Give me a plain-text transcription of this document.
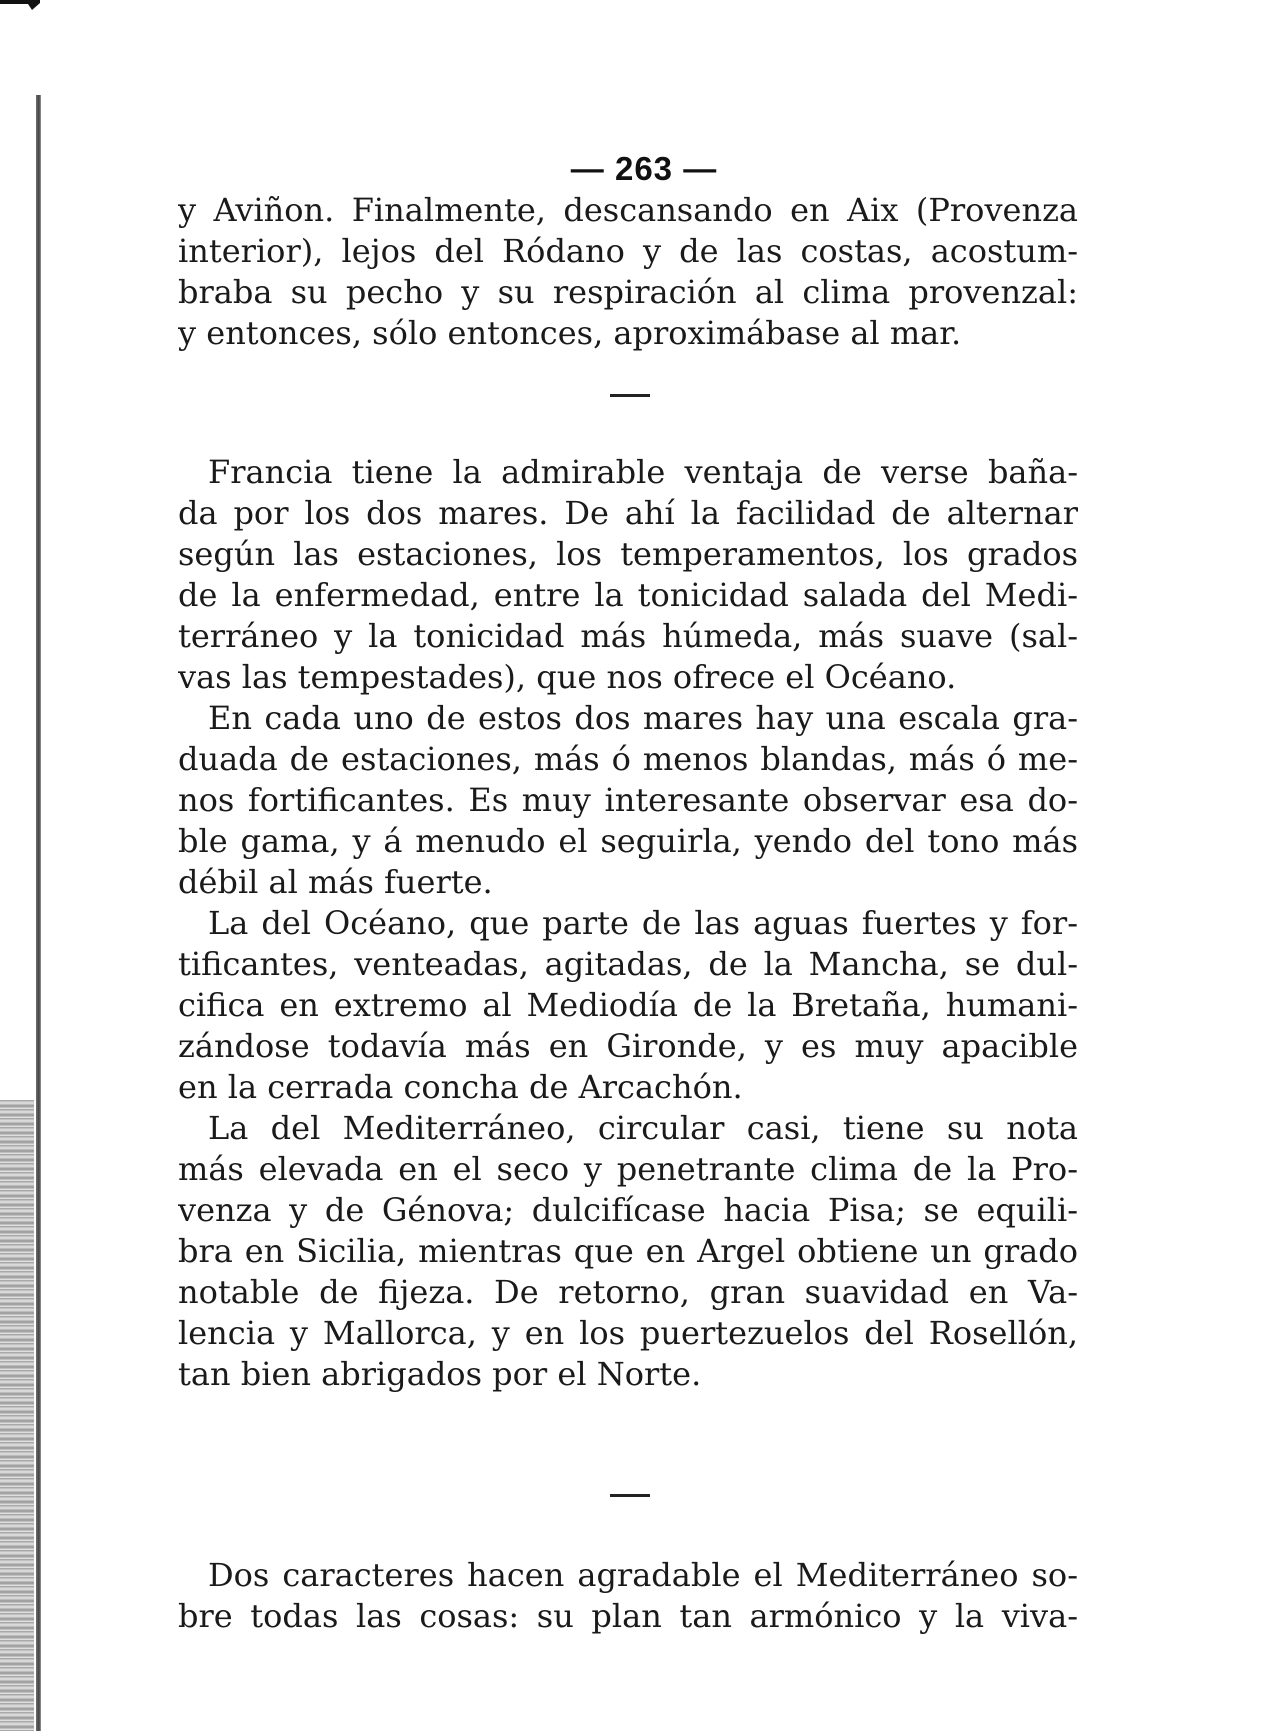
— 263 —
y Aviñon. Finalmente, descansando en Aix (Provenza
interior), lejos del Ródano y de las costas, acostum-
braba su pecho y su respiración al clima provenzal:
y entonces, sólo entonces, aproximábase al mar.
Francia tiene la admirable ventaja de verse baña-
da por los dos mares. De ahí la facilidad de alternar
según las estaciones, los temperamentos, los grados
de la enfermedad, entre la tonicidad salada del Medi-
terráneo y la tonicidad más húmeda, más suave (sal-
vas las tempestades), que nos ofrece el Océano.
En cada uno de estos dos mares hay una escala gra-
duada de estaciones, más ó menos blandas, más ó me-
nos fortificantes. Es muy interesante observar esa do-
ble gama, y á menudo el seguirla, yendo del tono más
débil al más fuerte.
La del Océano, que parte de las aguas fuertes y for-
tificantes, venteadas, agitadas, de la Mancha, se dul-
cifica en extremo al Mediodía de la Bretaña, humani-
zándose todavía más en Gironde, y es muy apacible
en la cerrada concha de Arcachón.
La del Mediterráneo, circular casi, tiene su nota
más elevada en el seco y penetrante clima de la Pro-
venza y de Génova; dulcifícase hacia Pisa; se equili-
bra en Sicilia, mientras que en Argel obtiene un grado
notable de fijeza. De retorno, gran suavidad en Va-
lencia y Mallorca, y en los puertezuelos del Rosellón,
tan bien abrigados por el Norte.
Dos caracteres hacen agradable el Mediterráneo so-
bre todas las cosas: su plan tan armónico y la viva-
